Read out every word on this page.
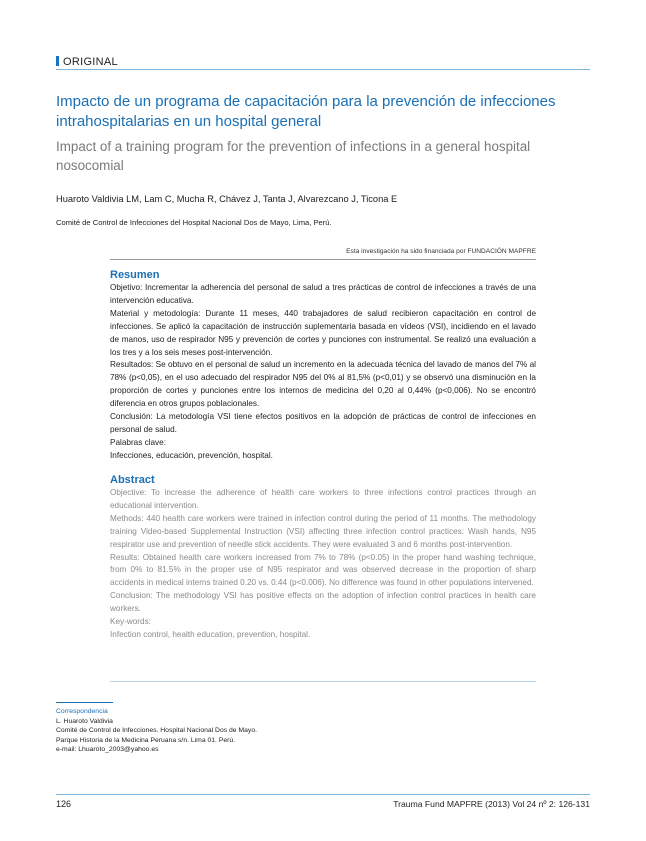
ORIGINAL
Impacto de un programa de capacitación para la prevención de infecciones intrahospitalarias en un hospital general
Impact of a training program for the prevention of infections in a general hospital nosocomial
Huaroto Valdivia LM, Lam C, Mucha R, Chávez J, Tanta J, Alvarezcano J, Ticona E
Comité de Control de Infecciones del Hospital Nacional Dos de Mayo, Lima, Perú.
Esta investigación ha sido financiada por FUNDACIÓN MAPFRE
Resumen

Objetivo: Incrementar la adherencia del personal de salud a tres prácticas de control de infecciones a través de una intervención educativa.

Material y metodología: Durante 11 meses, 440 trabajadores de salud recibieron capacitación en control de infecciones. Se aplicó la capacitación de instrucción suplementaria basada en vídeos (VSI), incidiendo en el lavado de manos, uso de respirador N95 y prevención de cortes y punciones con instrumental. Se realizó una evaluación a los tres y a los seis meses post-intervención.

Resultados: Se obtuvo en el personal de salud un incremento en la adecuada técnica del lavado de manos del 7% al 78% (p<0,05), en el uso adecuado del respirador N95 del 0% al 81,5% (p<0,01) y se observó una disminución en la proporción de cortes y punciones entre los internos de medicina del 0,20 al 0,44% (p<0,006). No se encontró diferencia en otros grupos poblacionales.

Conclusión: La metodología VSI tiene efectos positivos en la adopción de prácticas de control de infecciones en personal de salud.

Palabras clave:

Infecciones, educación, prevención, hospital.

Abstract

Objective: To increase the adherence of health care workers to three infections control practices through an educational intervention.

Methods: 440 health care workers were trained in infection control during the period of 11 months. The methodology training Video-based Supplemental Instruction (VSI) affecting three infection control practices: Wash hands, N95 respirator use and prevention of needle stick accidents. They were evaluated 3 and 6 months post-intervention.

Results: Obtained health care workers increased from 7% to 78% (p<0.05) in the proper hand washing technique, from 0% to 81.5% in the proper use of N95 respirator and was observed decrease in the proportion of sharp accidents in medical interns trained 0.20 vs. 0.44 (p<0.006). No difference was found in other populations intervened.

Conclusion: The methodology VSI has positive effects on the adoption of infection control practices in health care workers.

Key-words:

Infection control, health education, prevention, hospital.

Correspondencia
L. Huaroto Valdivia
Comité de Control de Infecciones. Hospital Nacional Dos de Mayo.
Parque Historia de la Medicina Peruana s/n. Lima 01. Perú.
e-mail: Lhuaroto_2003@yahoo.es
126	Trauma Fund MAPFRE (2013) Vol 24 nº 2: 126-131
